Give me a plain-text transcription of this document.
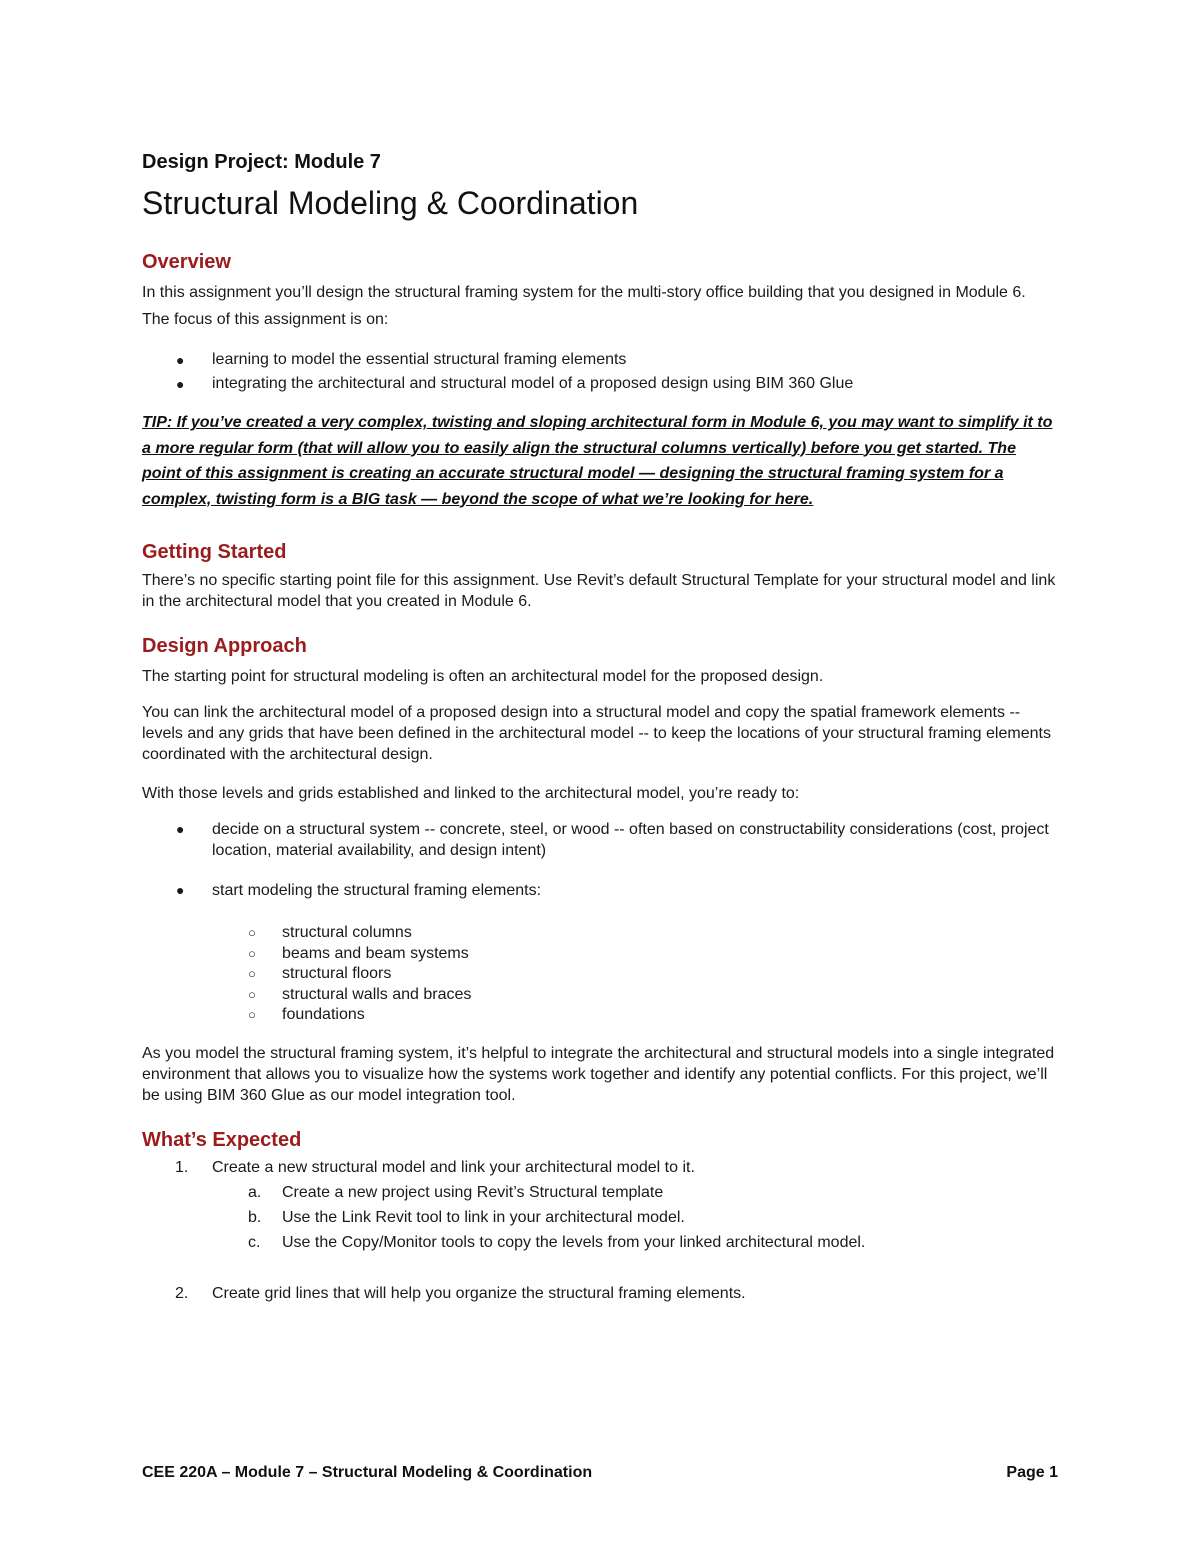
Design Project: Module 7

Structural Modeling & Coordination

Overview

In this assignment you’ll design the structural framing system for the multi-story office building that you designed in Module 6. The focus of this assignment is on:

● learning to model the essential structural framing elements
● integrating the architectural and structural model of a proposed design using BIM 360 Glue

TIP: If you’ve created a very complex, twisting and sloping architectural form in Module 6, you may want to simplify it to a more regular form (that will allow you to easily align the structural columns vertically) before you get started. The point of this assignment is creating an accurate structural model — designing the structural framing system for a complex, twisting form is a BIG task — beyond the scope of what we’re looking for here.

Getting Started

There’s no specific starting point file for this assignment. Use Revit’s default Structural Template for your structural model and link in the architectural model that you created in Module 6.

Design Approach

The starting point for structural modeling is often an architectural model for the proposed design.

You can link the architectural model of a proposed design into a structural model and copy the spatial framework elements -- levels and any grids that have been defined in the architectural model -- to keep the locations of your structural framing elements coordinated with the architectural design.

With those levels and grids established and linked to the architectural model, you’re ready to:

● decide on a structural system -- concrete, steel, or wood -- often based on constructability considerations (cost, project location, material availability, and design intent)
● start modeling the structural framing elements:
○ structural columns
○ beams and beam systems
○ structural floors
○ structural walls and braces
○ foundations

As you model the structural framing system, it’s helpful to integrate the architectural and structural models into a single integrated environment that allows you to visualize how the systems work together and identify any potential conflicts. For this project, we’ll be using BIM 360 Glue as our model integration tool.

What’s Expected
1. Create a new structural model and link your architectural model to it.
a. Create a new project using Revit’s Structural template
b. Use the Link Revit tool to link in your architectural model.
c. Use the Copy/Monitor tools to copy the levels from your linked architectural model.
2. Create grid lines that will help you organize the structural framing elements.
CEE 220A – Module 7 – Structural Modeling & Coordination	Page 1
